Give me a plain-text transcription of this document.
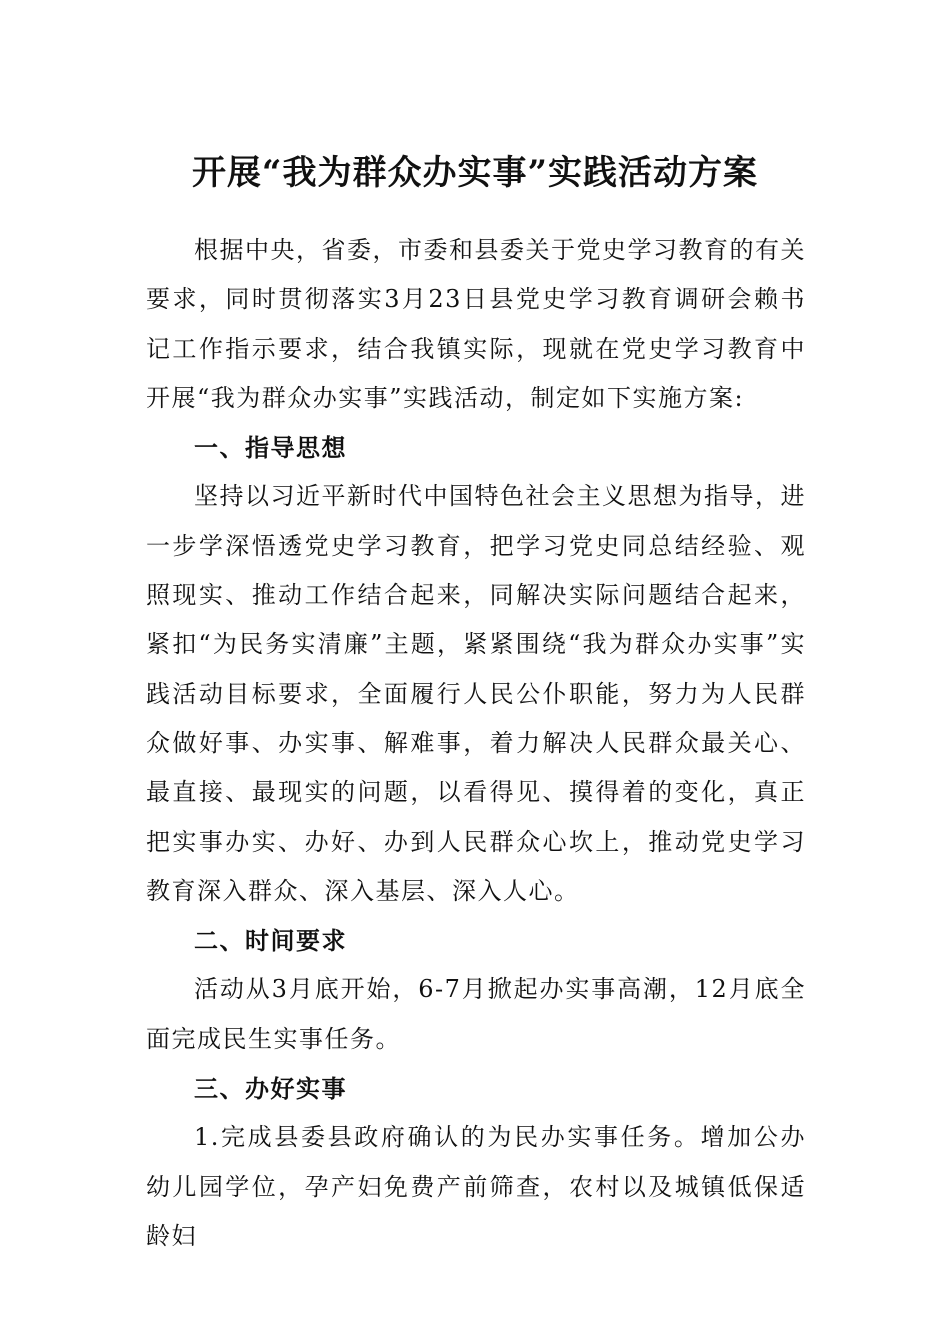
开展“我为群众办实事”实践活动方案

根据中央，省委，市委和县委关于党史学习教育的有关要求，同时贯彻落实3月23日县党史学习教育调研会赖书记工作指示要求，结合我镇实际，现就在党史学习教育中开展“我为群众办实事”实践活动，制定如下实施方案:

一、指导思想

坚持以习近平新时代中国特色社会主义思想为指导，进一步学深悟透党史学习教育，把学习党史同总结经验、观照现实、推动工作结合起来，同解决实际问题结合起来，紧扣“为民务实清廉”主题，紧紧围绕“我为群众办实事”实践活动目标要求，全面履行人民公仆职能，努力为人民群众做好事、办实事、解难事，着力解决人民群众最关心、最直接、最现实的问题，以看得见、摸得着的变化，真正把实事办实、办好、办到人民群众心坎上，推动党史学习教育深入群众、深入基层、深入人心。

二、时间要求

活动从3月底开始，6-7月掀起办实事高潮，12月底全面完成民生实事任务。

三、办好实事

1.完成县委县政府确认的为民办实事任务。增加公办幼儿园学位，孕产妇免费产前筛查，农村以及城镇低保适龄妇
